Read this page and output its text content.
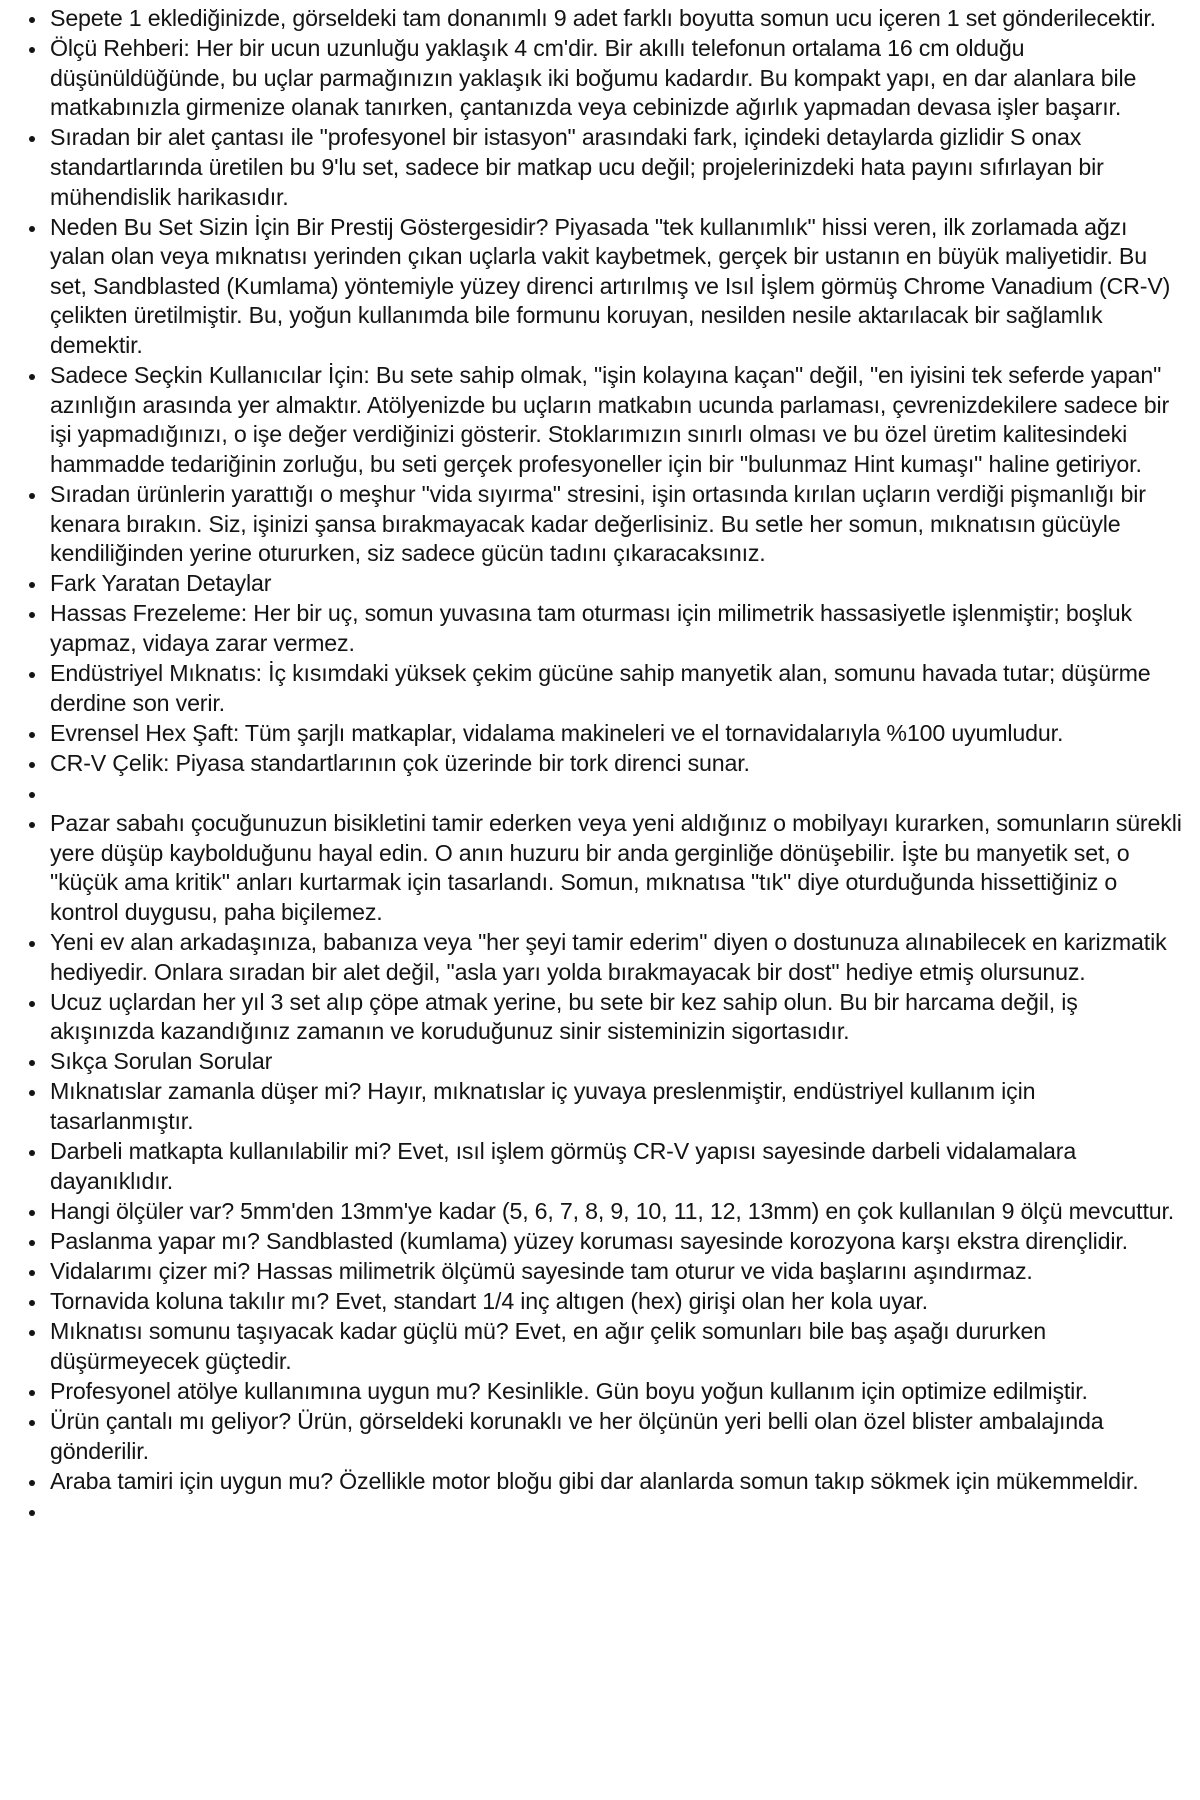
Sepete 1 eklediğinizde, görseldeki tam donanımlı 9 adet farklı boyutta somun ucu içeren 1 set gönderilecektir.
Ölçü Rehberi: Her bir ucun uzunluğu yaklaşık 4 cm'dir. Bir akıllı telefonun ortalama 16 cm olduğu düşünüldüğünde, bu uçlar parmağınızın yaklaşık iki boğumu kadardır. Bu kompakt yapı, en dar alanlara bile matkabınızla girmenize olanak tanırken, çantanızda veya cebinizde ağırlık yapmadan devasa işler başarır.
Sıradan bir alet çantası ile "profesyonel bir istasyon" arasındaki fark, içindeki detaylarda gizlidir S onax standartlarında üretilen bu 9'lu set, sadece bir matkap ucu değil; projelerinizdeki hata payını sıfırlayan bir mühendislik harikasıdır.
Neden Bu Set Sizin İçin Bir Prestij Göstergesidir? Piyasada "tek kullanımlık" hissi veren, ilk zorlamada ağzı yalan olan veya mıknatısı yerinden çıkan uçlarla vakit kaybetmek, gerçek bir ustanın en büyük maliyetidir. Bu set, Sandblasted (Kumlama) yöntemiyle yüzey direnci artırılmış ve Isıl İşlem görmüş Chrome Vanadium (CR-V) çelikten üretilmiştir. Bu, yoğun kullanımda bile formunu koruyan, nesilden nesile aktarılacak bir sağlamlık demektir.
Sadece Seçkin Kullanıcılar İçin: Bu sete sahip olmak, "işin kolayına kaçan" değil, "en iyisini tek seferde yapan" azınlığın arasında yer almaktır. Atölyenizde bu uçların matkabın ucunda parlaması, çevrenizdekilere sadece bir işi yapmadığınızı, o işe değer verdiğinizi gösterir. Stoklarımızın sınırlı olması ve bu özel üretim kalitesindeki hammadde tedariğinin zorluğu, bu seti gerçek profesyoneller için bir "bulunmaz Hint kumaşı" haline getiriyor.
Sıradan ürünlerin yarattığı o meşhur "vida sıyırma" stresini, işin ortasında kırılan uçların verdiği pişmanlığı bir kenara bırakın. Siz, işinizi şansa bırakmayacak kadar değerlisiniz. Bu setle her somun, mıknatısın gücüyle kendiliğinden yerine otururken, siz sadece gücün tadını çıkaracaksınız.
Fark Yaratan Detaylar
Hassas Frezeleme: Her bir uç, somun yuvasına tam oturması için milimetrik hassasiyetle işlenmiştir; boşluk yapmaz, vidaya zarar vermez.
Endüstriyel Mıknatıs: İç kısımdaki yüksek çekim gücüne sahip manyetik alan, somunu havada tutar; düşürme derdine son verir.
Evrensel Hex Şaft: Tüm şarjlı matkaplar, vidalama makineleri ve el tornavidalarıyla %100 uyumludur.
CR-V Çelik: Piyasa standartlarının çok üzerinde bir tork direnci sunar.
Pazar sabahı çocuğunuzun bisikletini tamir ederken veya yeni aldığınız o mobilyayı kurarken, somunların sürekli yere düşüp kaybolduğunu hayal edin. O anın huzuru bir anda gerginliğe dönüşebilir. İşte bu manyetik set, o "küçük ama kritik" anları kurtarmak için tasarlandı. Somun, mıknatısa "tık" diye oturduğunda hissettiğiniz o kontrol duygusu, paha biçilemez.
Yeni ev alan arkadaşınıza, babanıza veya "her şeyi tamir ederim" diyen o dostunuza alınabilecek en karizmatik hediyedir. Onlara sıradan bir alet değil, "asla yarı yolda bırakmayacak bir dost" hediye etmiş olursunuz.
Ucuz uçlardan her yıl 3 set alıp çöpe atmak yerine, bu sete bir kez sahip olun. Bu bir harcama değil, iş akışınızda kazandığınız zamanın ve koruduğunuz sinir sisteminizin sigortasıdır.
Sıkça Sorulan Sorular
Mıknatıslar zamanla düşer mi? Hayır, mıknatıslar iç yuvaya preslenmiştir, endüstriyel kullanım için tasarlanmıştır.
Darbeli matkapta kullanılabilir mi? Evet, ısıl işlem görmüş CR-V yapısı sayesinde darbeli vidalamalara dayanıklıdır.
Hangi ölçüler var? 5mm'den 13mm'ye kadar (5, 6, 7, 8, 9, 10, 11, 12, 13mm) en çok kullanılan 9 ölçü mevcuttur.
Paslanma yapar mı? Sandblasted (kumlama) yüzey koruması sayesinde korozyona karşı ekstra dirençlidir.
Vidalarımı çizer mi? Hassas milimetrik ölçümü sayesinde tam oturur ve vida başlarını aşındırmaz.
Tornavida koluna takılır mı? Evet, standart 1/4 inç altıgen (hex) girişi olan her kola uyar.
Mıknatısı somunu taşıyacak kadar güçlü mü? Evet, en ağır çelik somunları bile baş aşağı dururken düşürmeyecek güçtedir.
Profesyonel atölye kullanımına uygun mu? Kesinlikle. Gün boyu yoğun kullanım için optimize edilmiştir.
Ürün çantalı mı geliyor? Ürün, görseldeki korunaklı ve her ölçünün yeri belli olan özel blister ambalajında gönderilir.
Araba tamiri için uygun mu? Özellikle motor bloğu gibi dar alanlarda somun takıp sökmek için mükemmeldir.
